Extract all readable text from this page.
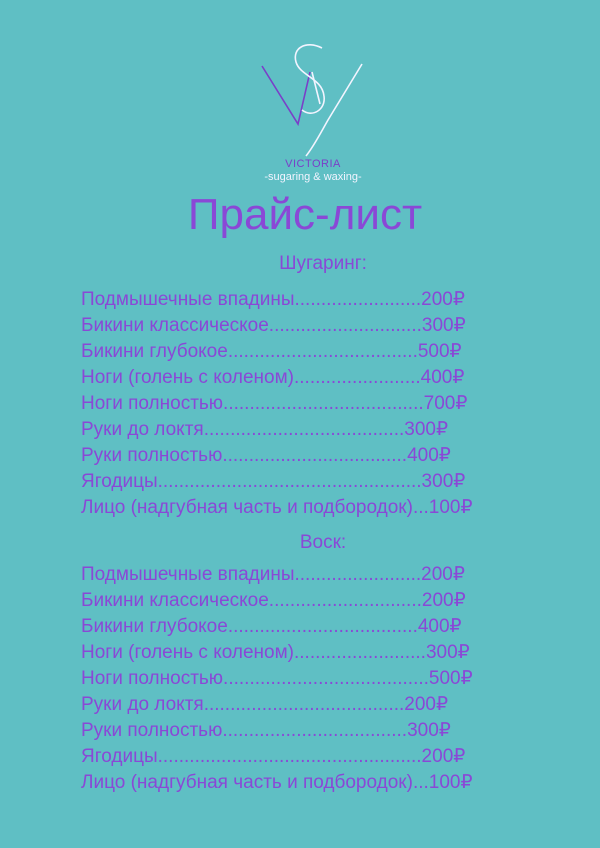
VICTORIA
-sugaring & waxing-
Прайс-лист
Шугаринг:
Подмышечные впадины........................200₽
Бикини классическое.............................300₽
Бикини глубокое....................................500₽
Ноги (голень с коленом)........................400₽
Ноги полностью......................................700₽
Руки до локтя......................................300₽
Руки полностью...................................400₽
Ягодицы..................................................300₽
Лицо (надгубная часть и подбородок)...100₽
Воск:
Подмышечные впадины........................200₽
Бикини классическое.............................200₽
Бикини глубокое....................................400₽
Ноги (голень с коленом).........................300₽
Ноги полностью.......................................500₽
Руки до локтя......................................200₽
Руки полностью...................................300₽
Ягодицы..................................................200₽
Лицо (надгубная часть и подбородок)...100₽
